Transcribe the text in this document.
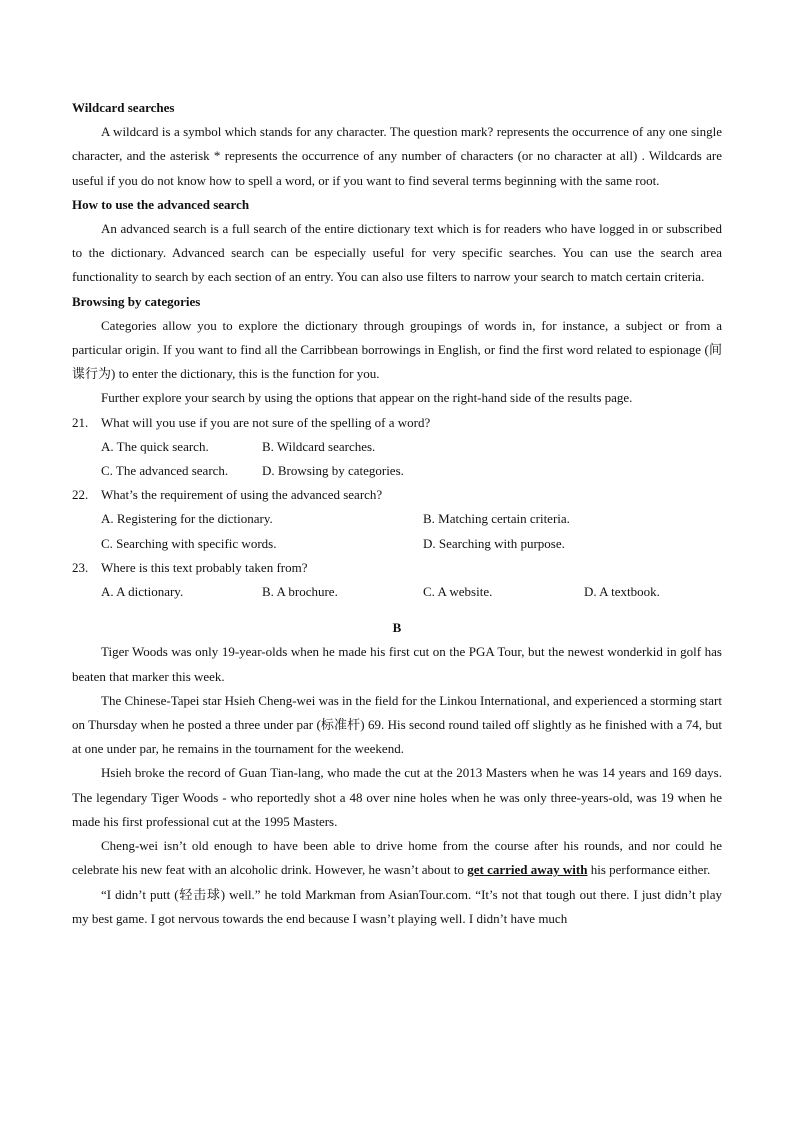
Wildcard searches
A wildcard is a symbol which stands for any character. The question mark? represents the occurrence of any one single character, and the asterisk * represents the occurrence of any number of characters (or no character at all) . Wildcards are useful if you do not know how to spell a word, or if you want to find several terms beginning with the same root.
How to use the advanced search
An advanced search is a full search of the entire dictionary text which is for readers who have logged in or subscribed to the dictionary. Advanced search can be especially useful for very specific searches. You can use the search area functionality to search by each section of an entry. You can also use filters to narrow your search to match certain criteria.
Browsing by categories
Categories allow you to explore the dictionary through groupings of words in, for instance, a subject or from a particular origin. If you want to find all the Carribbean borrowings in English, or find the first word related to espionage (间谍行为) to enter the dictionary, this is the function for you.
Further explore your search by using the options that appear on the right-hand side of the results page.
21. What will you use if you are not sure of the spelling of a word?
A. The quick search.	B. Wildcard searches.
C. The advanced search.	D. Browsing by categories.
22. What’s the requirement of using the advanced search?
A. Registering for the dictionary.	B. Matching certain criteria.
C. Searching with specific words.	D. Searching with purpose.
23. Where is this text probably taken from?
A. A dictionary.	B. A brochure.	C. A website.	D. A textbook.
B
Tiger Woods was only 19-year-olds when he made his first cut on the PGA Tour, but the newest wonderkid in golf has beaten that marker this week.
The Chinese-Tapei star Hsieh Cheng-wei was in the field for the Linkou International, and experienced a storming start on Thursday when he posted a three under par (标准杆) 69. His second round tailed off slightly as he finished with a 74, but at one under par, he remains in the tournament for the weekend.
Hsieh broke the record of Guan Tian-lang, who made the cut at the 2013 Masters when he was 14 years and 169 days. The legendary Tiger Woods - who reportedly shot a 48 over nine holes when he was only three-years-old, was 19 when he made his first professional cut at the 1995 Masters.
Cheng-wei isn’t old enough to have been able to drive home from the course after his rounds, and nor could he celebrate his new feat with an alcoholic drink. However, he wasn’t about to get carried away with his performance either.
“I didn’t putt (轻击球) well.” he told Markman from AsianTour.com. “It’s not that tough out there. I just didn’t play my best game. I got nervous towards the end because I wasn’t playing well. I didn’t have much
